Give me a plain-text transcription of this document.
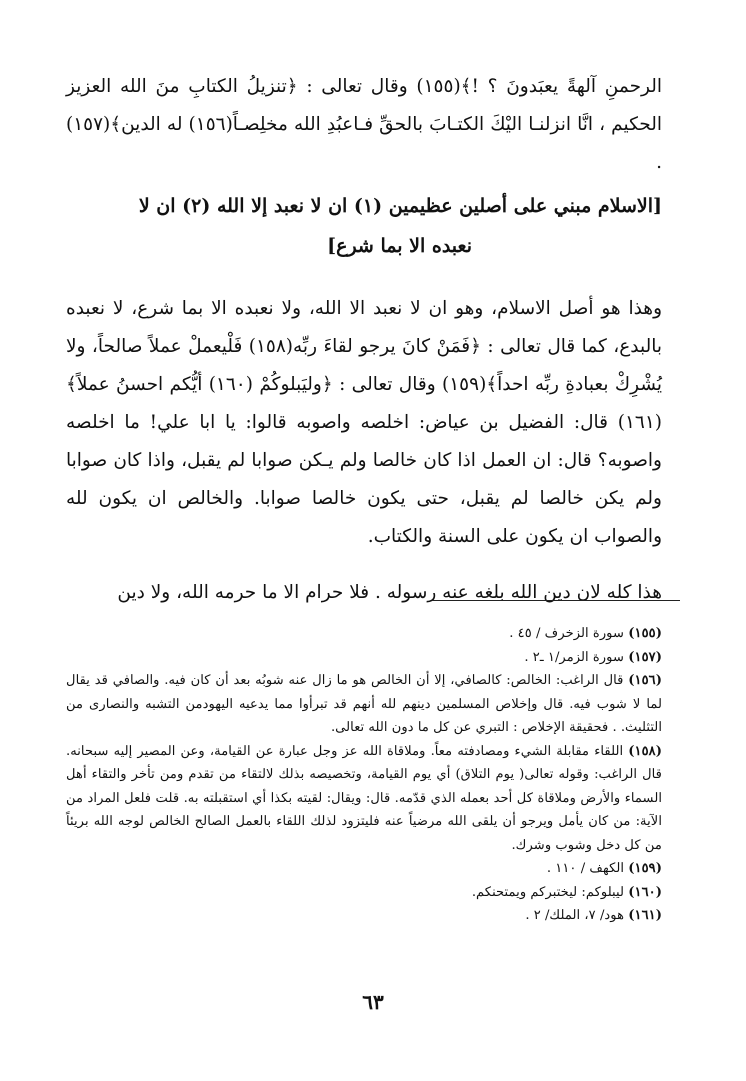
الرحمنِ آلهةً يعبَدونَ ؟ !﴾(١٥٥) وقال تعالى : ﴿تنزيلُ الكتابِ منَ الله العزيز الحكيم ، انَّا انزلنـا اليْكَ الكتـابَ بالحقِّ فـاعبُدِ الله مخلِصـاً(١٥٦) له الدين﴾(١٥٧) .

[الاسلام مبني على أصلين عظيمين (١) ان لا نعبد إلا الله (٢) ان لا
نعبده الا بما شرع]

وهذا هو أصل الاسلام، وهو ان لا نعبد الا الله، ولا نعبده الا بما شرع، لا نعبده بالبدع، كما قال تعالى : ﴿فَمَنْ كانَ يرجو لقاءَ ربِّه(١٥٨) فَلْيعملْ عملاً صالحاً، ولا يُشْرِكْ بعبادةِ ربِّه احداً﴾(١٥٩) وقال تعالى : ﴿وليَبلوكُمْ (١٦٠) أيُّكم احسنُ عملاً﴾(١٦١) قال: الفضيل بن عياض: اخلصه واصوبه قالوا: يا ابا علي! ما اخلصه واصوبه؟ قال: ان العمل اذا كان خالصا ولم يـكن صوابا لم يقبل، واذا كان صوابا ولم يكن خالصا لم يقبل، حتى يكون خالصا صوابا. والخالص ان يكون لله والصواب ان يكون على السنة والكتاب.

هذا كله لان دين الله بلغه عنه رسوله . فلا حرام الا ما حرمه الله، ولا دين

(١٥٥) سورة الزخرف / ٤٥ .

(١٥٧) سورة الزمر/١ ـ٢ .

(١٥٦) قال الراغب: الخالص: كالصافي، إلا أن الخالص هو ما زال عنه شوبُه بعد أن كان فيه. والصافي قد يقال لما لا شوب فيه. قال وإخلاص المسلمين دينهم لله أنهم قد تبرأوا مما يدعيه اليهودمن التشبه والنصارى من التثليث. . فحقيقة الإخلاص : التبري عن كل ما دون الله تعالى.

(١٥٨) اللقاء مقابلة الشيء ومصادفته معاً. وملاقاة الله عز وجل عبارة عن القيامة، وعن المصير إليه سبحانه. قال الراغب: وقوله تعالى( يوم التلاق) أي يوم القيامة، وتخصيصه بذلك لالتقاء من تقدم ومن تأخر والتقاء أهل السماء والأرض وملاقاة كل أحد بعمله الذي قدّمه. قال: ويقال: لقيته بكذا أي استقبلته به. قلت فلعل المراد من الآية: من كان يأمل ويرجو أن يلقى الله مرضياً عنه فليتزود لذلك اللقاء بالعمل الصالح الخالص لوجه الله بريئاً من كل دخل وشوب وشرك.

(١٥٩) الكهف / ١١٠ .

(١٦٠) ليبلوكم: ليختبركم ويمتحنكم.

(١٦١) هود/ ٧، الملك/ ٢ .

٦٣
